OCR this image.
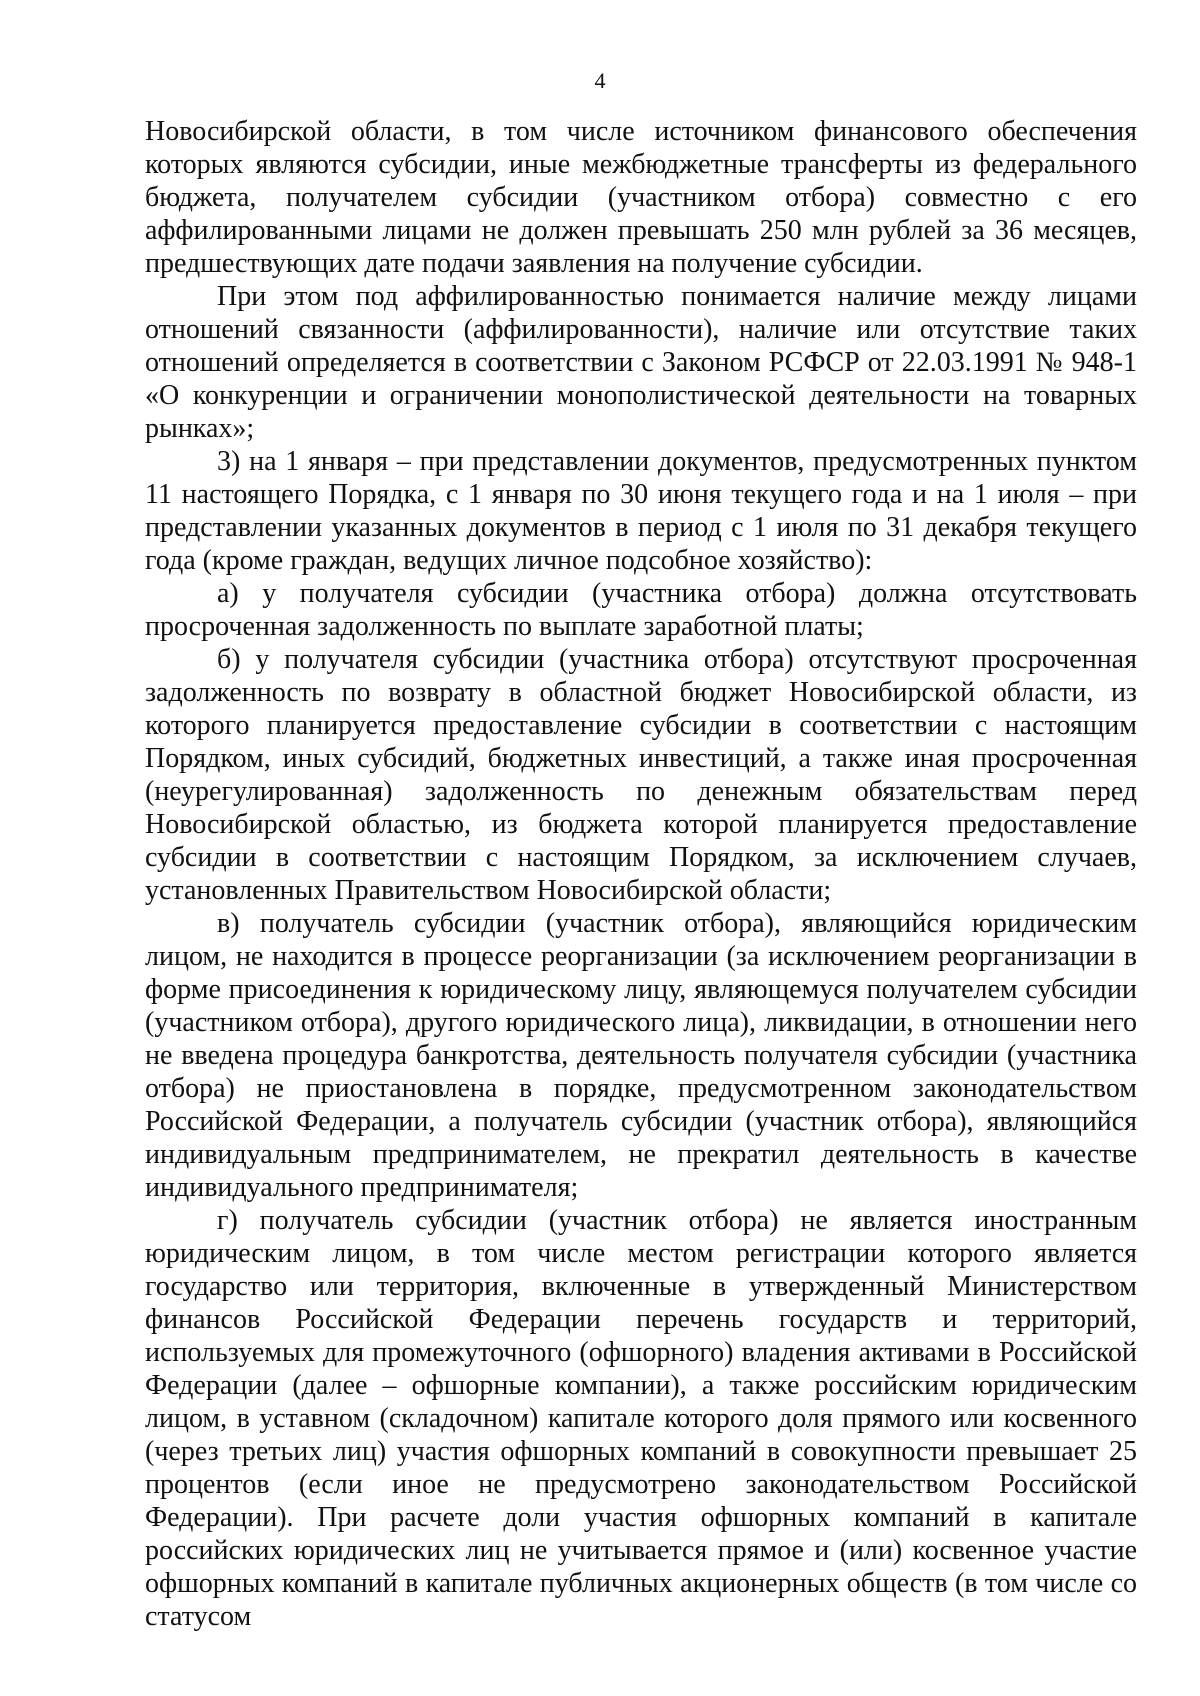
4

Новосибирской области, в том числе источником финансового обеспечения которых являются субсидии, иные межбюджетные трансферты из федерального бюджета, получателем субсидии (участником отбора) совместно с его аффилированными лицами не должен превышать 250 млн рублей за 36 месяцев, предшествующих дате подачи заявления на получение субсидии.

При этом под аффилированностью понимается наличие между лицами отношений связанности (аффилированности), наличие или отсутствие таких отношений определяется в соответствии с Законом РСФСР от 22.03.1991 № 948-1 «О конкуренции и ограничении монополистической деятельности на товарных рынках»;

3) на 1 января – при представлении документов, предусмотренных пунктом 11 настоящего Порядка, с 1 января по 30 июня текущего года и на 1 июля – при представлении указанных документов в период с 1 июля по 31 декабря текущего года (кроме граждан, ведущих личное подсобное хозяйство):

а) у получателя субсидии (участника отбора) должна отсутствовать просроченная задолженность по выплате заработной платы;

б) у получателя субсидии (участника отбора) отсутствуют просроченная задолженность по возврату в областной бюджет Новосибирской области, из которого планируется предоставление субсидии в соответствии с настоящим Порядком, иных субсидий, бюджетных инвестиций, а также иная просроченная (неурегулированная) задолженность по денежным обязательствам перед Новосибирской областью, из бюджета которой планируется предоставление субсидии в соответствии с настоящим Порядком, за исключением случаев, установленных Правительством Новосибирской области;

в) получатель субсидии (участник отбора), являющийся юридическим лицом, не находится в процессе реорганизации (за исключением реорганизации в форме присоединения к юридическому лицу, являющемуся получателем субсидии (участником отбора), другого юридического лица), ликвидации, в отношении него не введена процедура банкротства, деятельность получателя субсидии (участника отбора) не приостановлена в порядке, предусмотренном законодательством Российской Федерации, а получатель субсидии (участник отбора), являющийся индивидуальным предпринимателем, не прекратил деятельность в качестве индивидуального предпринимателя;

г) получатель субсидии (участник отбора) не является иностранным юридическим лицом, в том числе местом регистрации которого является государство или территория, включенные в утвержденный Министерством финансов Российской Федерации перечень государств и территорий, используемых для промежуточного (офшорного) владения активами в Российской Федерации (далее – офшорные компании), а также российским юридическим лицом, в уставном (складочном) капитале которого доля прямого или косвенного (через третьих лиц) участия офшорных компаний в совокупности превышает 25 процентов (если иное не предусмотрено законодательством Российской Федерации). При расчете доли участия офшорных компаний в капитале российских юридических лиц не учитывается прямое и (или) косвенное участие офшорных компаний в капитале публичных акционерных обществ (в том числе со статусом
